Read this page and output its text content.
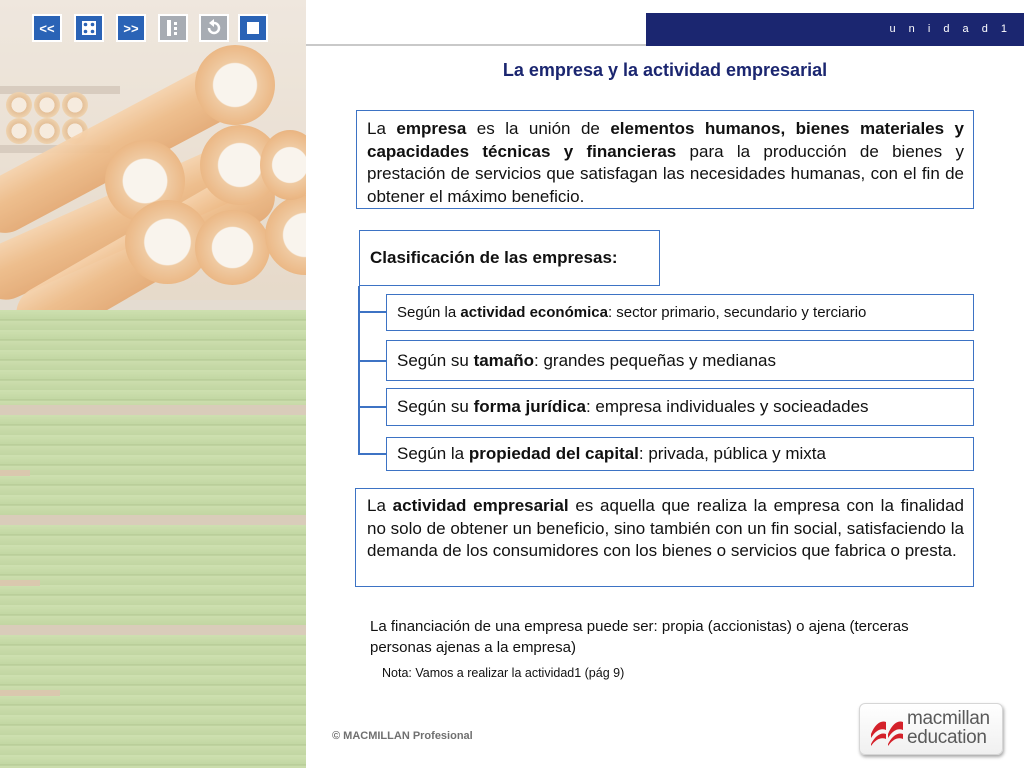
<<	>>	u n i d a d 1
La empresa y la actividad empresarial
La empresa es la unión de elementos humanos, bienes materiales y capacidades técnicas y financieras para la producción de bienes y prestación de servicios que satisfagan las necesidades humanas, con el fin de obtener el máximo beneficio.
Clasificación de las empresas:
Según la actividad económica: sector primario, secundario y terciario
Según su tamaño: grandes pequeñas y medianas
Según su forma jurídica: empresa individuales y socieadades
Según la propiedad del capital: privada, pública y mixta
La actividad empresarial es aquella que realiza la empresa con la finalidad no solo de obtener un beneficio, sino también con un fin social, satisfaciendo la demanda de los consumidores con los bienes o servicios que fabrica o presta.
La financiación de una empresa puede ser: propia (accionistas) o ajena (terceras personas ajenas a la empresa)
Nota: Vamos a realizar la actividad1 (pág 9)
© MACMILLAN Profesional
macmillan
education
